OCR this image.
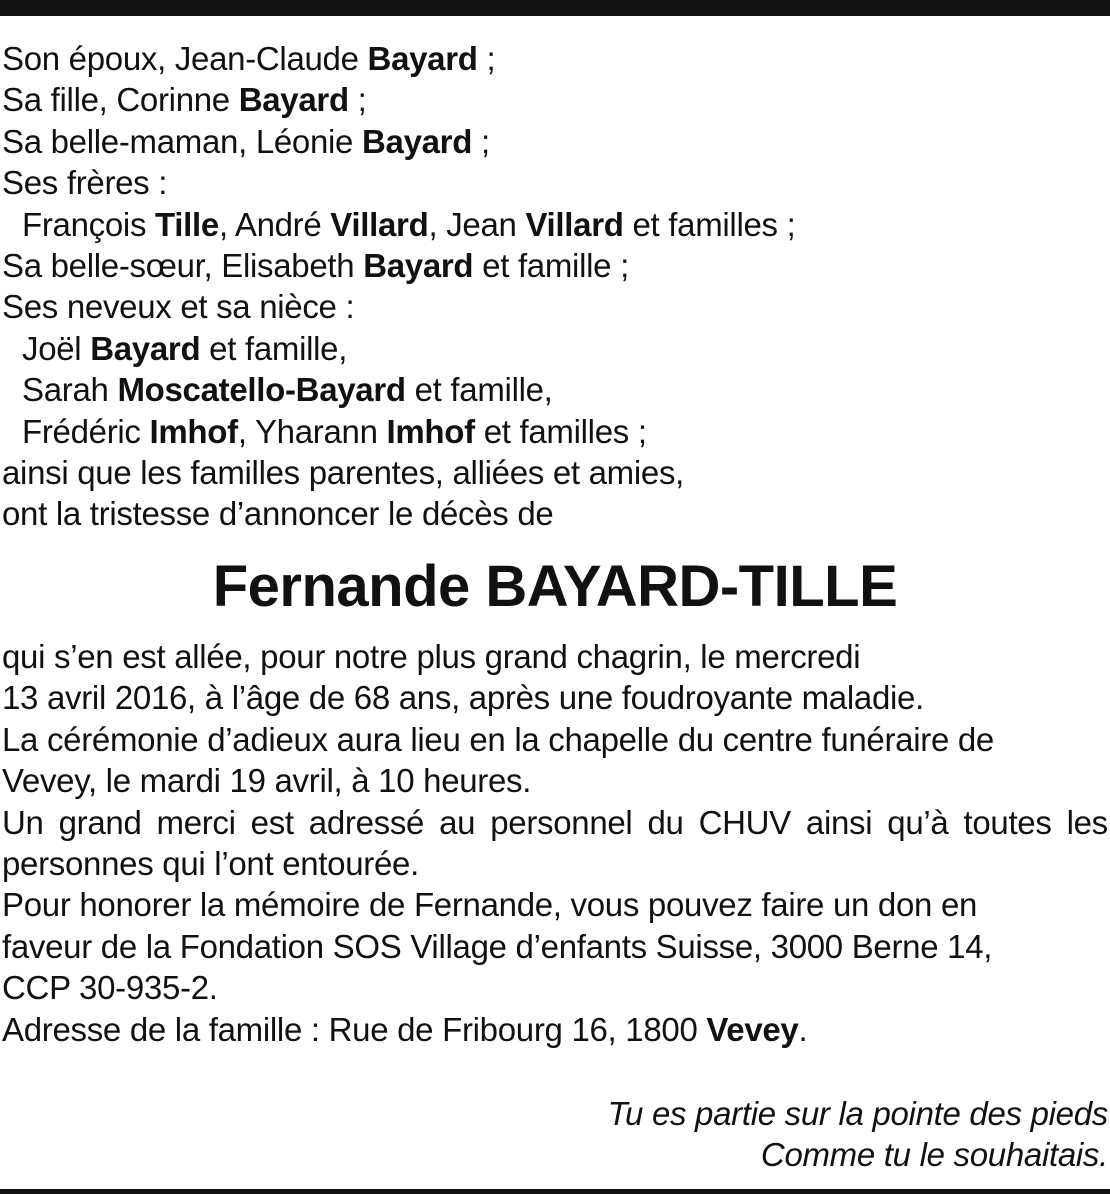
Son époux, Jean-Claude Bayard ;
Sa fille, Corinne Bayard ;
Sa belle-maman, Léonie Bayard ;
Ses frères :
François Tille, André Villard, Jean Villard et familles ;
Sa belle-sœur, Elisabeth Bayard et famille ;
Ses neveux et sa nièce :
Joël Bayard et famille,
Sarah Moscatello-Bayard et famille,
Frédéric Imhof, Yharann Imhof et familles ;
ainsi que les familles parentes, alliées et amies,
ont la tristesse d’annoncer le décès de
Fernande BAYARD-TILLE
qui s’en est allée, pour notre plus grand chagrin, le mercredi
13 avril 2016, à l’âge de 68 ans, après une foudroyante maladie.
La cérémonie d’adieux aura lieu en la chapelle du centre funéraire de
Vevey, le mardi 19 avril, à 10 heures.
Un grand merci est adressé au personnel du CHUV ainsi qu’à toutes les
personnes qui l’ont entourée.
Pour honorer la mémoire de Fernande, vous pouvez faire un don en
faveur de la Fondation SOS Village d’enfants Suisse, 3000 Berne 14,
CCP 30-935-2.
Adresse de la famille : Rue de Fribourg 16, 1800 Vevey.
Tu es partie sur la pointe des pieds
Comme tu le souhaitais.
